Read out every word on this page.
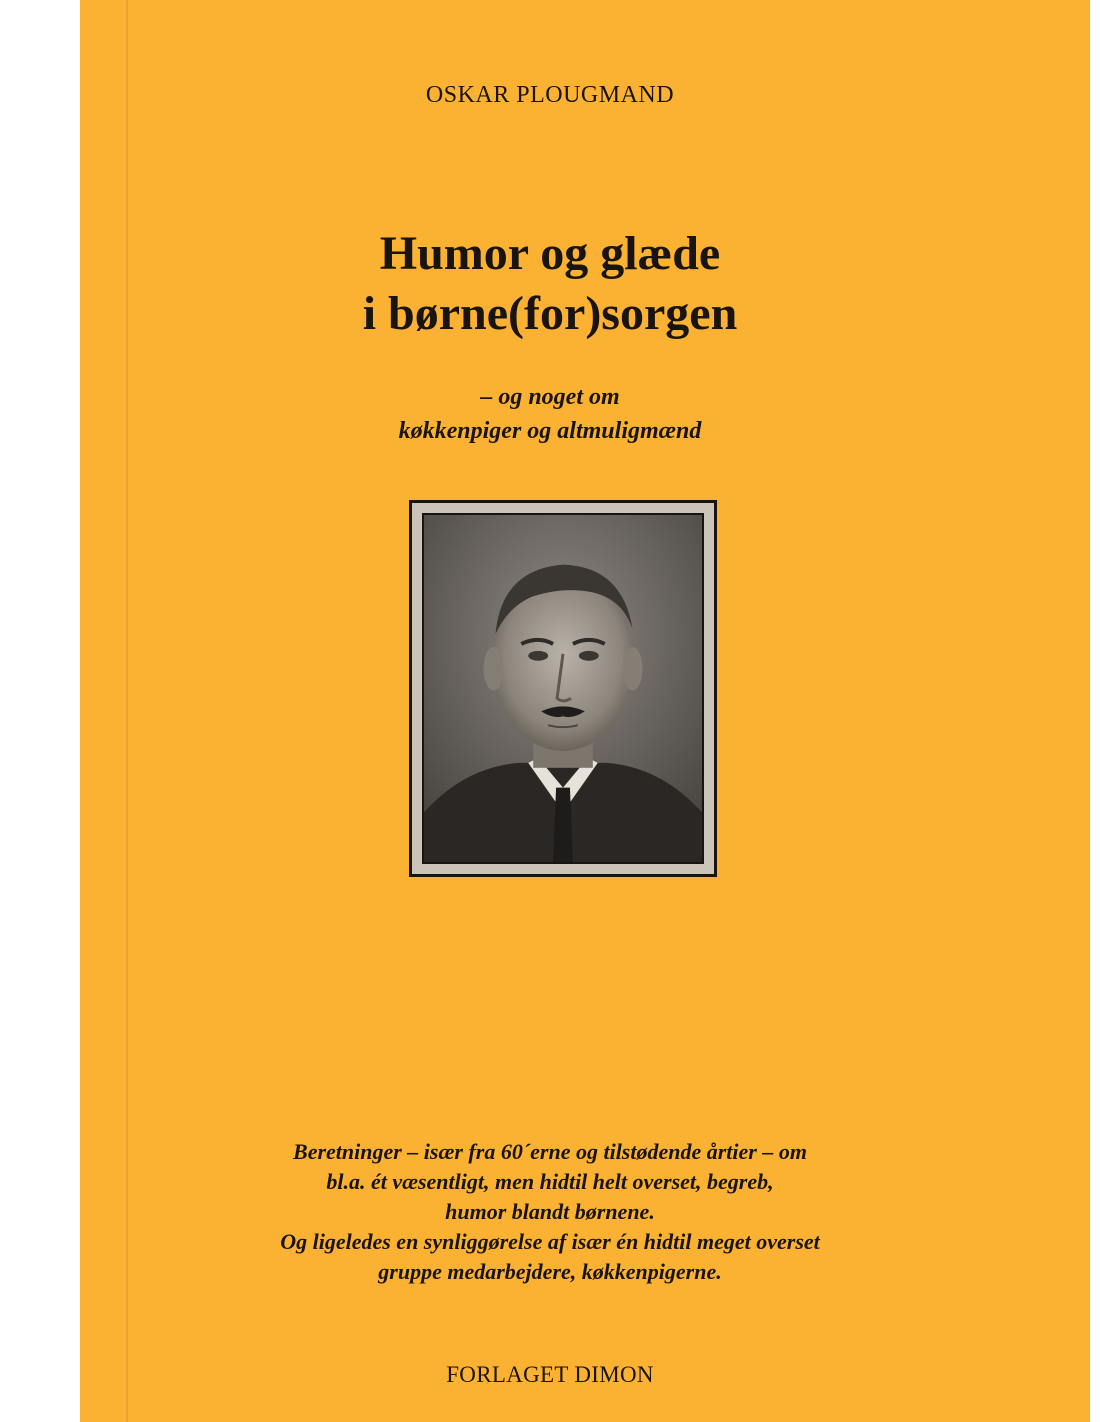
OSKAR PLOUGMAND
Humor og glæde
i børne(for)sorgen
– og noget om
køkkenpiger og altmuligmænd
Beretninger – især fra 60´erne og tilstødende årtier – om
bl.a. ét væsentligt, men hidtil helt overset, begreb,
humor blandt børnene.
Og ligeledes en synliggørelse af især én hidtil meget overset
gruppe medarbejdere, køkkenpigerne.
FORLAGET DIMON
